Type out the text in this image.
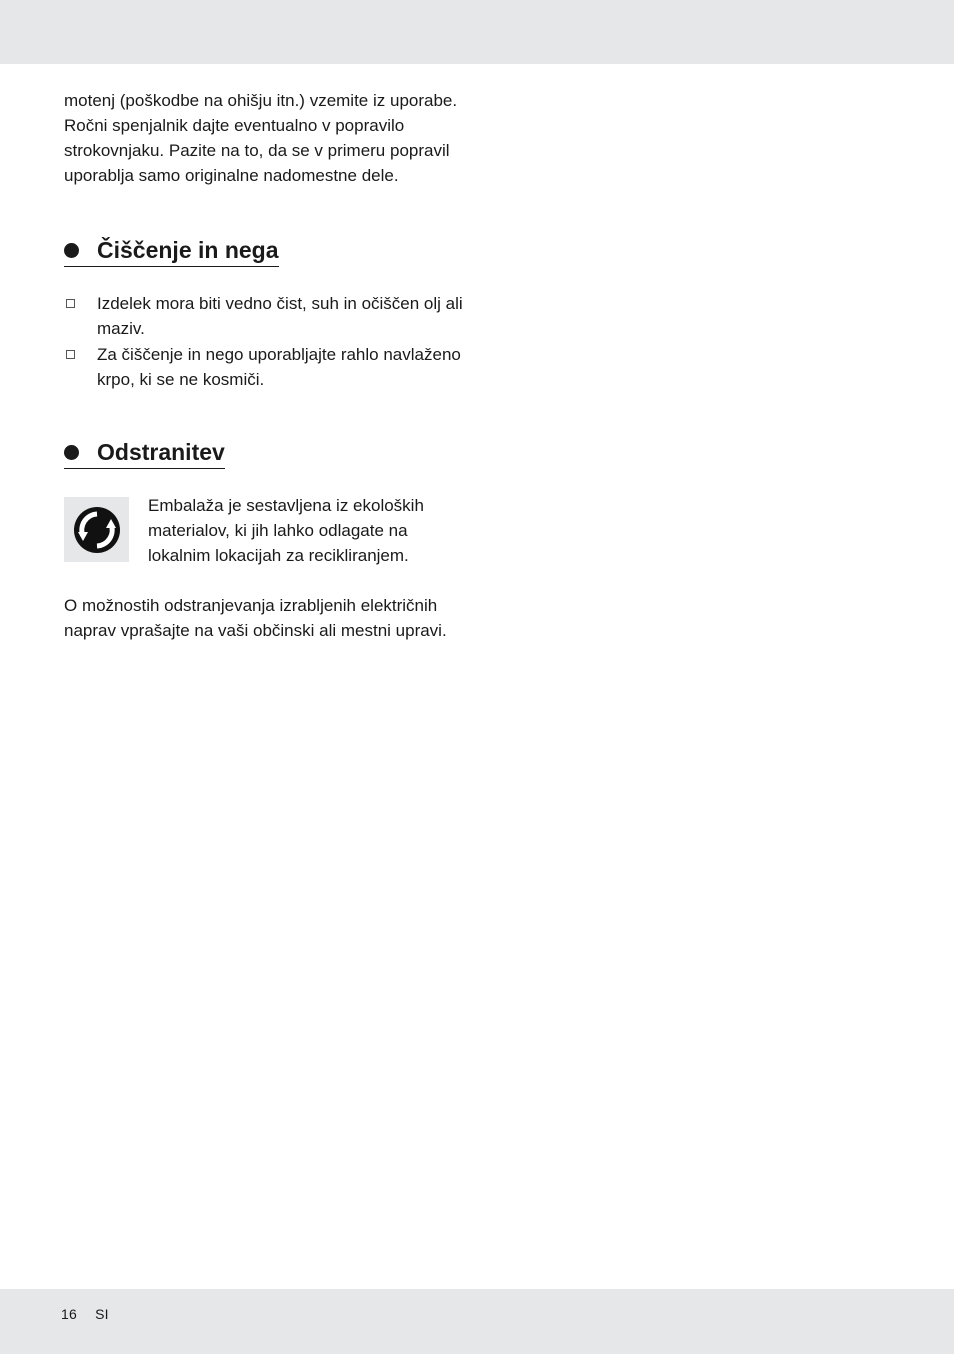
motenj (poškodbe na ohišju itn.) vzemite iz uporabe. Ročni spenjalnik dajte eventualno v popravilo strokovnjaku. Pazite na to, da se v primeru popravil uporablja samo originalne nadomestne dele.

Čiščenje in nega
Izdelek mora biti vedno čist, suh in očiščen olj ali maziv.
Za čiščenje in nego uporabljajte rahlo navlaženo krpo, ki se ne kosmiči.
Odstranitev

Embalaža je sestavljena iz ekoloških materialov, ki jih lahko odlagate na lokalnim lokacijah za recikliranjem.

O možnostih odstranjevanja izrabljenih električnih naprav vprašajte na vaši občinski ali mestni upravi.

16 SI
